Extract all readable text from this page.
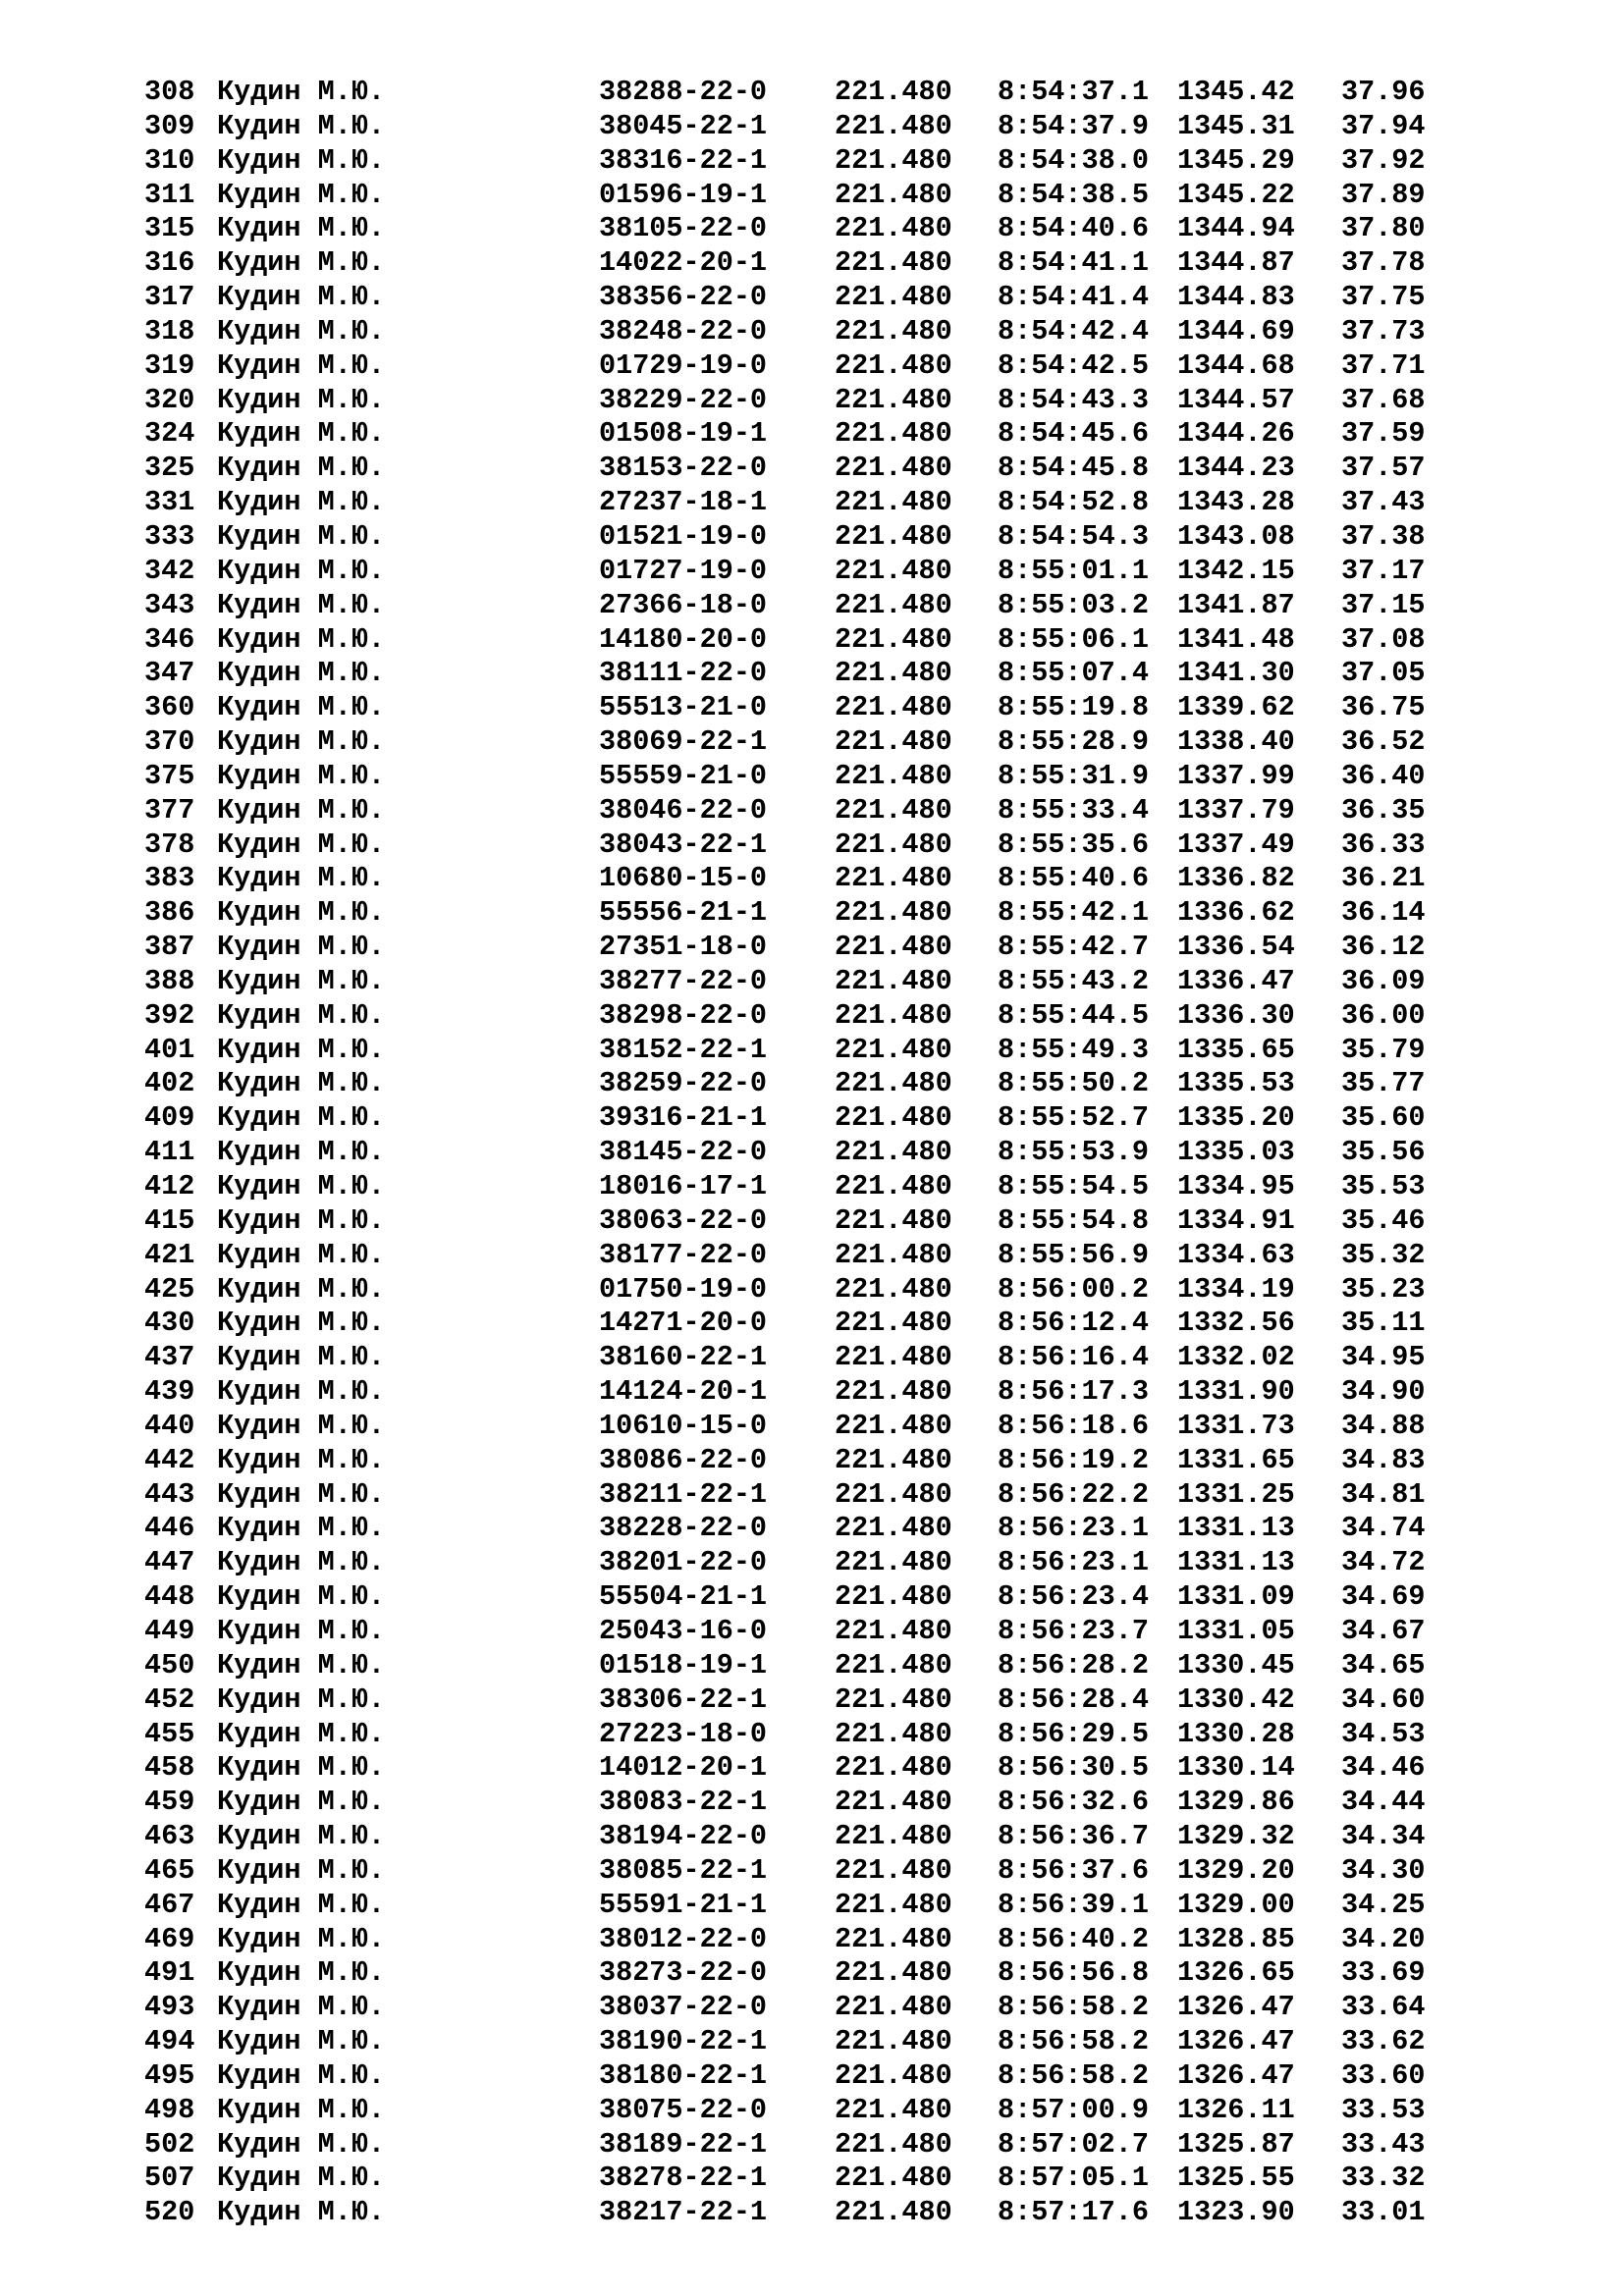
308 Кудин М.Ю.	38288-22-0 221.480 8:54:37.1 1345.42 37.96
309 Кудин М.Ю.	38045-22-1 221.480 8:54:37.9 1345.31 37.94
310 Кудин М.Ю.	38316-22-1 221.480 8:54:38.0 1345.29 37.92
311 Кудин М.Ю.	01596-19-1 221.480 8:54:38.5 1345.22 37.89
315 Кудин М.Ю.	38105-22-0 221.480 8:54:40.6 1344.94 37.80
316 Кудин М.Ю.	14022-20-1 221.480 8:54:41.1 1344.87 37.78
317 Кудин М.Ю.	38356-22-0 221.480 8:54:41.4 1344.83 37.75
318 Кудин М.Ю.	38248-22-0 221.480 8:54:42.4 1344.69 37.73
319 Кудин М.Ю.	01729-19-0 221.480 8:54:42.5 1344.68 37.71
320 Кудин М.Ю.	38229-22-0 221.480 8:54:43.3 1344.57 37.68
324 Кудин М.Ю.	01508-19-1 221.480 8:54:45.6 1344.26 37.59
325 Кудин М.Ю.	38153-22-0 221.480 8:54:45.8 1344.23 37.57
331 Кудин М.Ю.	27237-18-1 221.480 8:54:52.8 1343.28 37.43
333 Кудин М.Ю.	01521-19-0 221.480 8:54:54.3 1343.08 37.38
342 Кудин М.Ю.	01727-19-0 221.480 8:55:01.1 1342.15 37.17
343 Кудин М.Ю.	27366-18-0 221.480 8:55:03.2 1341.87 37.15
346 Кудин М.Ю.	14180-20-0 221.480 8:55:06.1 1341.48 37.08
347 Кудин М.Ю.	38111-22-0 221.480 8:55:07.4 1341.30 37.05
360 Кудин М.Ю.	55513-21-0 221.480 8:55:19.8 1339.62 36.75
370 Кудин М.Ю.	38069-22-1 221.480 8:55:28.9 1338.40 36.52
375 Кудин М.Ю.	55559-21-0 221.480 8:55:31.9 1337.99 36.40
377 Кудин М.Ю.	38046-22-0 221.480 8:55:33.4 1337.79 36.35
378 Кудин М.Ю.	38043-22-1 221.480 8:55:35.6 1337.49 36.33
383 Кудин М.Ю.	10680-15-0 221.480 8:55:40.6 1336.82 36.21
386 Кудин М.Ю.	55556-21-1 221.480 8:55:42.1 1336.62 36.14
387 Кудин М.Ю.	27351-18-0 221.480 8:55:42.7 1336.54 36.12
388 Кудин М.Ю.	38277-22-0 221.480 8:55:43.2 1336.47 36.09
392 Кудин М.Ю.	38298-22-0 221.480 8:55:44.5 1336.30 36.00
401 Кудин М.Ю.	38152-22-1 221.480 8:55:49.3 1335.65 35.79
402 Кудин М.Ю.	38259-22-0 221.480 8:55:50.2 1335.53 35.77
409 Кудин М.Ю.	39316-21-1 221.480 8:55:52.7 1335.20 35.60
411 Кудин М.Ю.	38145-22-0 221.480 8:55:53.9 1335.03 35.56
412 Кудин М.Ю.	18016-17-1 221.480 8:55:54.5 1334.95 35.53
415 Кудин М.Ю.	38063-22-0 221.480 8:55:54.8 1334.91 35.46
421 Кудин М.Ю.	38177-22-0 221.480 8:55:56.9 1334.63 35.32
425 Кудин М.Ю.	01750-19-0 221.480 8:56:00.2 1334.19 35.23
430 Кудин М.Ю.	14271-20-0 221.480 8:56:12.4 1332.56 35.11
437 Кудин М.Ю.	38160-22-1 221.480 8:56:16.4 1332.02 34.95
439 Кудин М.Ю.	14124-20-1 221.480 8:56:17.3 1331.90 34.90
440 Кудин М.Ю.	10610-15-0 221.480 8:56:18.6 1331.73 34.88
442 Кудин М.Ю.	38086-22-0 221.480 8:56:19.2 1331.65 34.83
443 Кудин М.Ю.	38211-22-1 221.480 8:56:22.2 1331.25 34.81
446 Кудин М.Ю.	38228-22-0 221.480 8:56:23.1 1331.13 34.74
447 Кудин М.Ю.	38201-22-0 221.480 8:56:23.1 1331.13 34.72
448 Кудин М.Ю.	55504-21-1 221.480 8:56:23.4 1331.09 34.69
449 Кудин М.Ю.	25043-16-0 221.480 8:56:23.7 1331.05 34.67
450 Кудин М.Ю.	01518-19-1 221.480 8:56:28.2 1330.45 34.65
452 Кудин М.Ю.	38306-22-1 221.480 8:56:28.4 1330.42 34.60
455 Кудин М.Ю.	27223-18-0 221.480 8:56:29.5 1330.28 34.53
458 Кудин М.Ю.	14012-20-1 221.480 8:56:30.5 1330.14 34.46
459 Кудин М.Ю.	38083-22-1 221.480 8:56:32.6 1329.86 34.44
463 Кудин М.Ю.	38194-22-0 221.480 8:56:36.7 1329.32 34.34
465 Кудин М.Ю.	38085-22-1 221.480 8:56:37.6 1329.20 34.30
467 Кудин М.Ю.	55591-21-1 221.480 8:56:39.1 1329.00 34.25
469 Кудин М.Ю.	38012-22-0 221.480 8:56:40.2 1328.85 34.20
491 Кудин М.Ю.	38273-22-0 221.480 8:56:56.8 1326.65 33.69
493 Кудин М.Ю.	38037-22-0 221.480 8:56:58.2 1326.47 33.64
494 Кудин М.Ю.	38190-22-1 221.480 8:56:58.2 1326.47 33.62
495 Кудин М.Ю.	38180-22-1 221.480 8:56:58.2 1326.47 33.60
498 Кудин М.Ю.	38075-22-0 221.480 8:57:00.9 1326.11 33.53
502 Кудин М.Ю.	38189-22-1 221.480 8:57:02.7 1325.87 33.43
507 Кудин М.Ю.	38278-22-1 221.480 8:57:05.1 1325.55 33.32
520 Кудин М.Ю.	38217-22-1 221.480 8:57:17.6 1323.90 33.01
